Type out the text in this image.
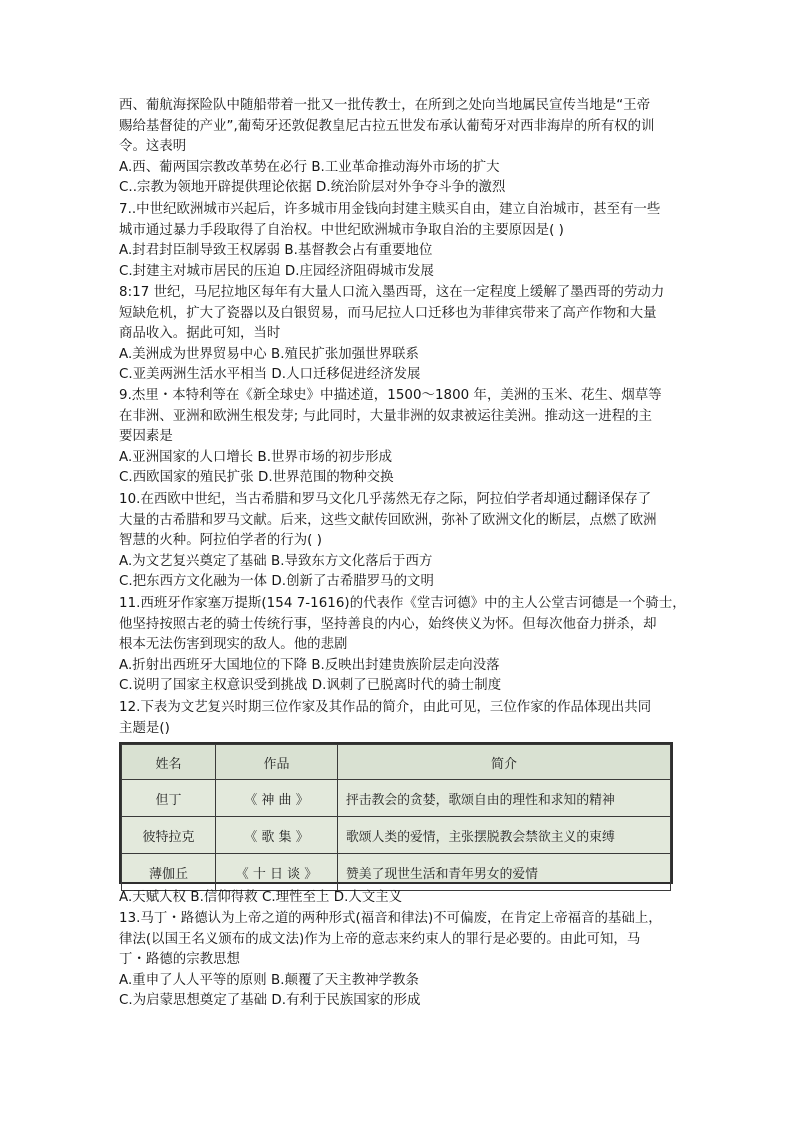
西、葡航海探险队中随船带着一批又一批传教士，在所到之处向当地属民宣传当地是“王帝
赐给基督徒的产业”,葡萄牙还敦促教皇尼古拉五世发布承认葡萄牙对西非海岸的所有权的训
令。这表明
A.西、葡两国宗教改革势在必行 B.工业革命推动海外市场的扩大
C..宗教为领地开辟提供理论依据 D.统治阶层对外争夺斗争的激烈
7..中世纪欧洲城市兴起后，许多城市用金钱向封建主赎买自由，建立自治城市，甚至有一些
城市通过暴力手段取得了自治权。中世纪欧洲城市争取自治的主要原因是( )
A.封君封臣制导致王权孱弱 B.基督教会占有重要地位
C.封建主对城市居民的压迫 D.庄园经济阻碍城市发展
8:17 世纪，马尼拉地区每年有大量人口流入墨西哥，这在一定程度上缓解了墨西哥的劳动力
短缺危机，扩大了瓷器以及白银贸易，而马尼拉人口迁移也为菲律宾带来了高产作物和大量
商品收入。据此可知，当时
A.美洲成为世界贸易中心 B.殖民扩张加强世界联系
C.亚美两洲生活水平相当 D.人口迁移促进经济发展
9.杰里・本特利等在《新全球史》中描述道，1500～1800 年，美洲的玉米、花生、烟草等
在非洲、亚洲和欧洲生根发芽; 与此同时，大量非洲的奴隶被运往美洲。推动这一进程的主
要因素是
A.亚洲国家的人口增长 B.世界市场的初步形成
C.西欧国家的殖民扩张 D.世界范围的物种交换
10.在西欧中世纪，当古希腊和罗马文化几乎荡然无存之际，阿拉伯学者却通过翻译保存了
大量的古希腊和罗马文献。后来，这些文献传回欧洲，弥补了欧洲文化的断层，点燃了欧洲
智慧的火种。阿拉伯学者的行为( )
A.为文艺复兴奠定了基础 B.导致东方文化落后于西方
C.把东西方文化融为一体 D.创新了古希腊罗马的文明
11.西班牙作家塞万提斯(154 7-1616)的代表作《堂吉诃德》中的主人公堂吉诃德是一个骑士，
他坚持按照古老的骑士传统行事，坚持善良的内心，始终侠义为怀。但每次他奋力拼杀，却
根本无法伤害到现实的敌人。他的悲剧
A.折射出西班牙大国地位的下降 B.反映出封建贵族阶层走向没落
C.说明了国家主权意识受到挑战 D.讽刺了已脱离时代的骑士制度
12.下表为文艺复兴时期三位作家及其作品的简介，由此可见，三位作家的作品体现出共同
主题是()
姓名	作品	简介
但丁	《 神 曲 》	抨击教会的贪婪，歌颂自由的理性和求知的精神
彼特拉克	《 歌 集 》	歌颂人类的爱情，主张摆脱教会禁欲主义的束缚
薄伽丘	《 十 日 谈 》	赞美了现世生活和青年男女的爱情
A.天赋人权 B.信仰得救 C.理性至上 D.人文主义
13.马丁・路德认为上帝之道的两种形式(福音和律法)不可偏废，在肯定上帝福音的基础上，
律法(以国王名义颁布的成文法)作为上帝的意志来约束人的罪行是必要的。由此可知，马
丁・路德的宗教思想
A.重申了人人平等的原则 B.颠覆了天主教神学教条
C.为启蒙思想奠定了基础 D.有利于民族国家的形成
